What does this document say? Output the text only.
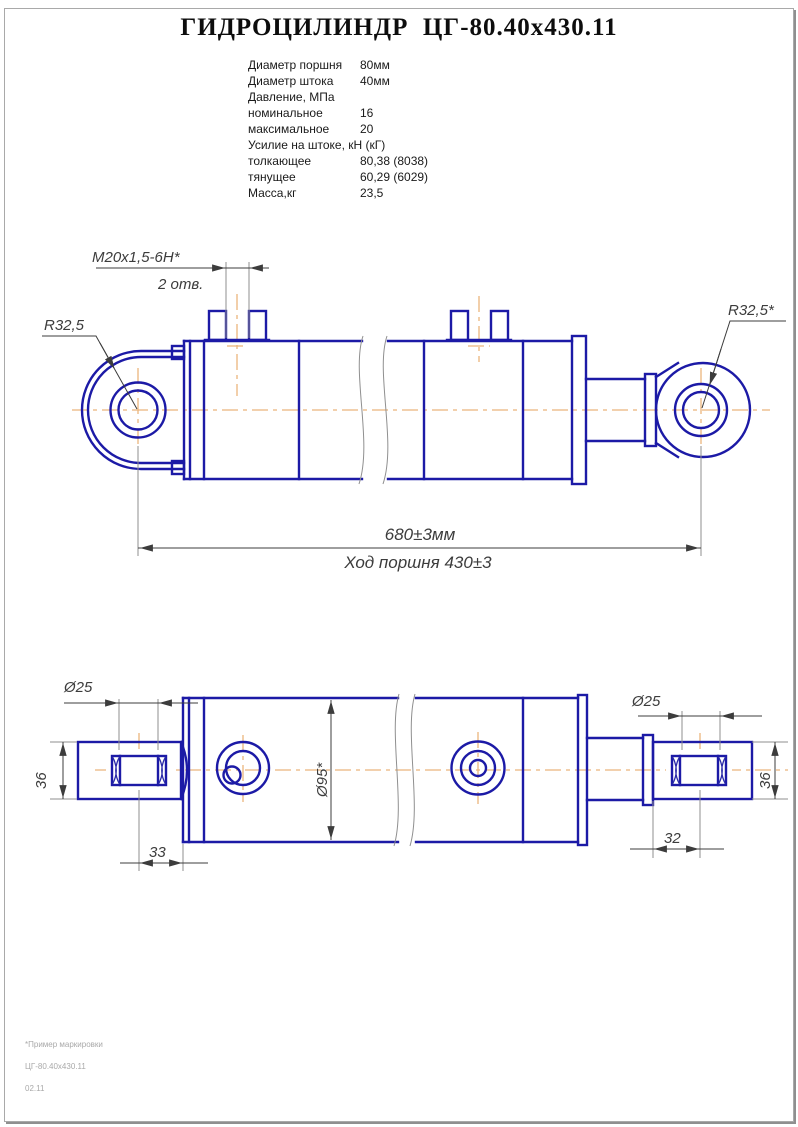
ГИДРОЦИЛИНДР  ЦГ-80.40x430.11
Диаметр поршня	80мм
Диаметр штока	40мм
Давление, МПа
номинальное	16
максимальное	20
Усилие на штоке, кН (кГ)
толкающее	80,38 (8038)
тянущее	60,29 (6029)
Масса,кг	23,5
M20x1,5-6H*
2 отв.
R32,5
R32,5*
680±3мм
Ход поршня 430±3
Ø25
36
33
Ø95*
Ø25
36
32
*Пример маркировки
ЦГ-80.40x430.11
02.11
